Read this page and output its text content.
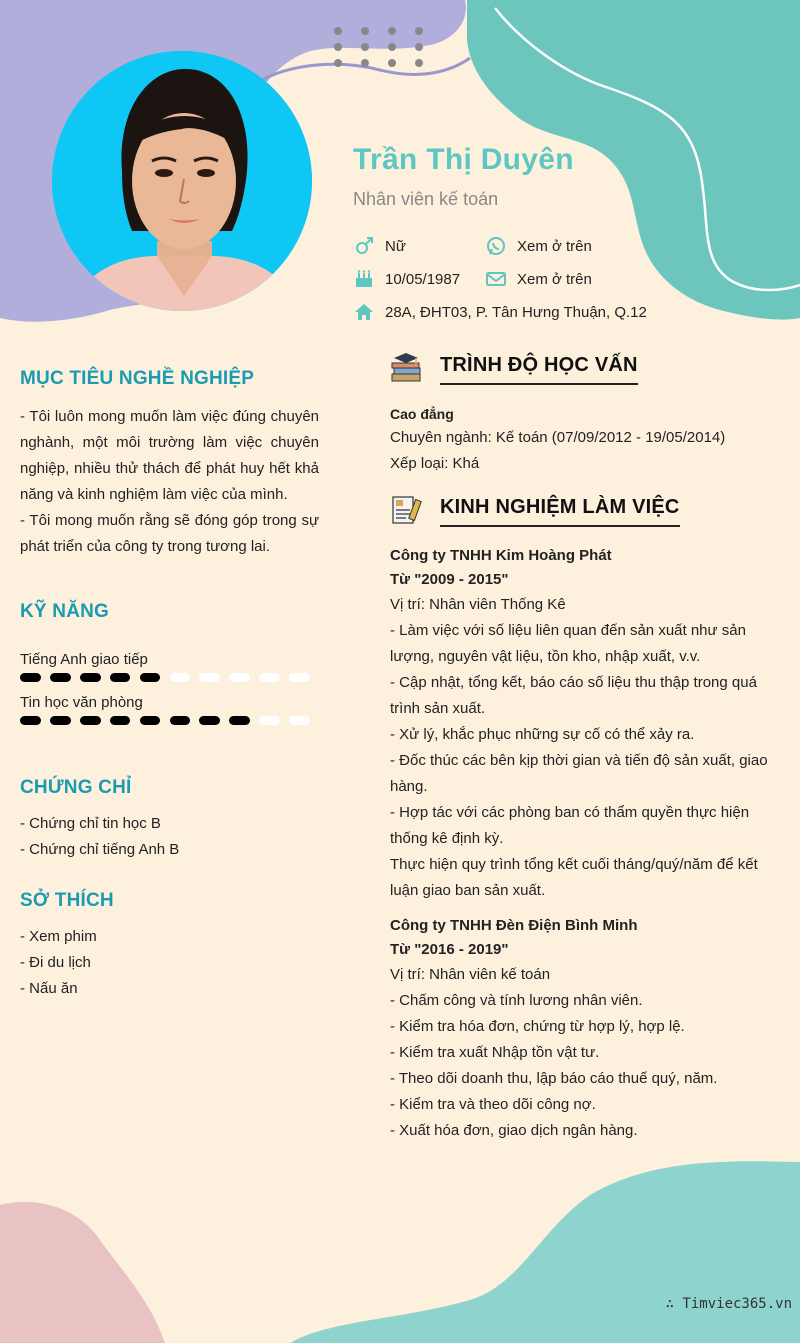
Trần Thị Duyên
Nhân viên kế toán
Nữ	Xem ở trên
10/05/1987	Xem ở trên
28A, ĐHT03, P. Tân Hưng Thuận, Q.12
MỤC TIÊU NGHỀ NGHIỆP
- Tôi luôn mong muốn làm việc đúng chuyên nghành, một môi trường làm việc chuyên nghiệp, nhiều thử thách để phát huy hết khả năng và kinh nghiệm làm việc của mình.
- Tôi mong muốn rằng sẽ đóng góp trong sự phát triển của công ty trong tương lai.
KỸ NĂNG
Tiếng Anh giao tiếp
Tin học văn phòng
CHỨNG CHỈ
- Chứng chỉ tin học B
- Chứng chỉ tiếng Anh B
SỞ THÍCH
- Xem phim
- Đi du lịch
- Nấu ăn
TRÌNH ĐỘ HỌC VẤN
Cao đẳng
Chuyên ngành: Kế toán (07/09/2012 - 19/05/2014)
Xếp loại: Khá
KINH NGHIỆM LÀM VIỆC
Công ty TNHH Kim Hoàng Phát
Từ "2009 - 2015"
Vị trí: Nhân viên Thống Kê
- Làm việc với số liệu liên quan đến sản xuất như sản
lượng, nguyên vật liệu, tồn kho, nhập xuất, v.v.
- Cập nhật, tổng kết, báo cáo số liệu thu thập trong quá
trình sản xuất.
- Xử lý, khắc phục những sự cố có thể xảy ra.
- Đốc thúc các bên kịp thời gian và tiến độ sản xuất, giao
hàng.
- Hợp tác với các phòng ban có thẩm quyền thực hiện
thống kê định kỳ.
Thực hiện quy trình tổng kết cuối tháng/quý/năm để kết
luận giao ban sản xuất.
Công ty TNHH Đèn Điện Bình Minh
Từ "2016 - 2019"
Vị trí: Nhân viên kế toán
- Chấm công và tính lương nhân viên.
- Kiểm tra hóa đơn, chứng từ hợp lý, hợp lệ.
- Kiểm tra xuất Nhập tồn vật tư.
- Theo dõi doanh thu, lập báo cáo thuế quý, năm.
- Kiểm tra và theo dõi công nợ.
- Xuất hóa đơn, giao dịch ngân hàng.
∴ Timviec365.vn
